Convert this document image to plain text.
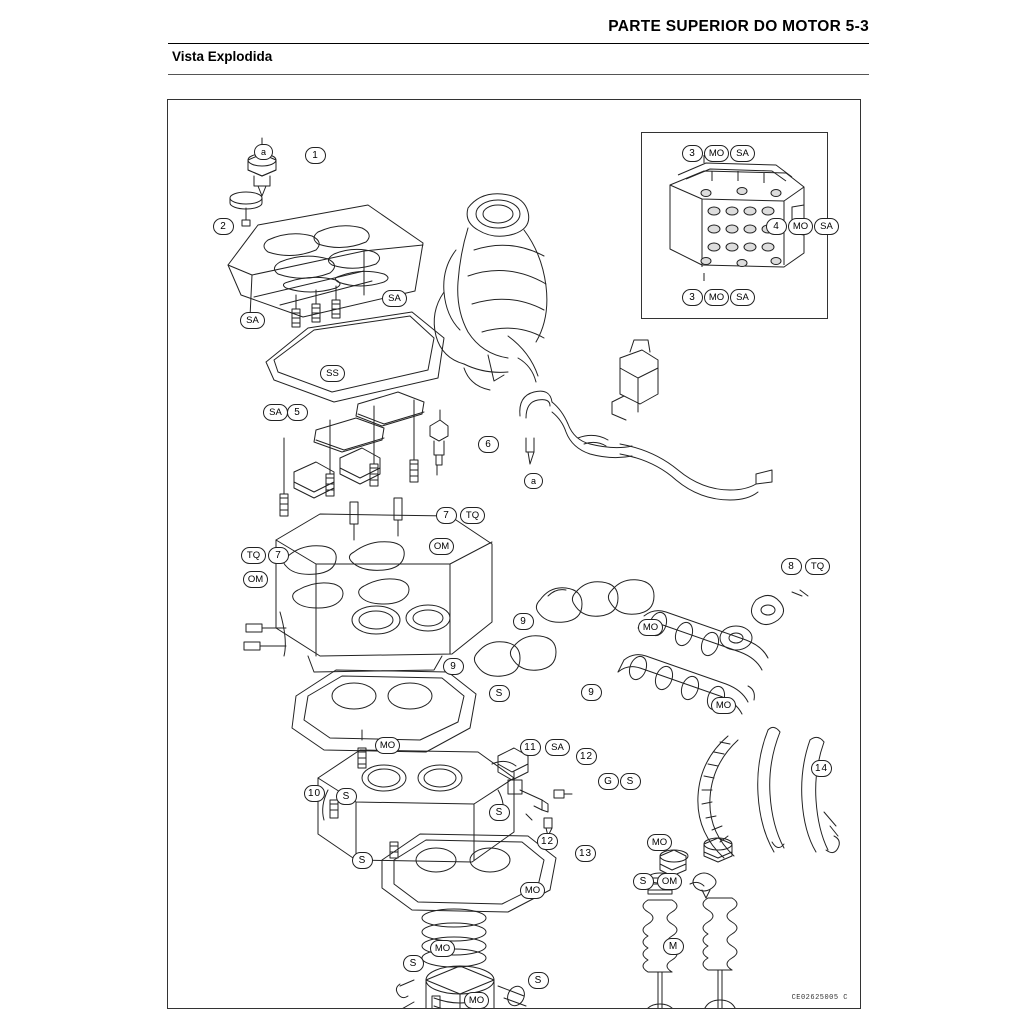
PARTE SUPERIOR DO MOTOR 5-3
Vista Explodida
3	MO	SA
4	MO	SA
3	MO	SA
a	1
2
SA
SA
SS
SA	5
6
a
7	TQ
OM
TQ	7
OM
8	TQ
9
MO
9
9
MO
S
MO	11	SA
12
G	S
10	S
S
12
13
14
S
MO
S	OM
MO
M
S
MO
S
MO	CE02625005 C
